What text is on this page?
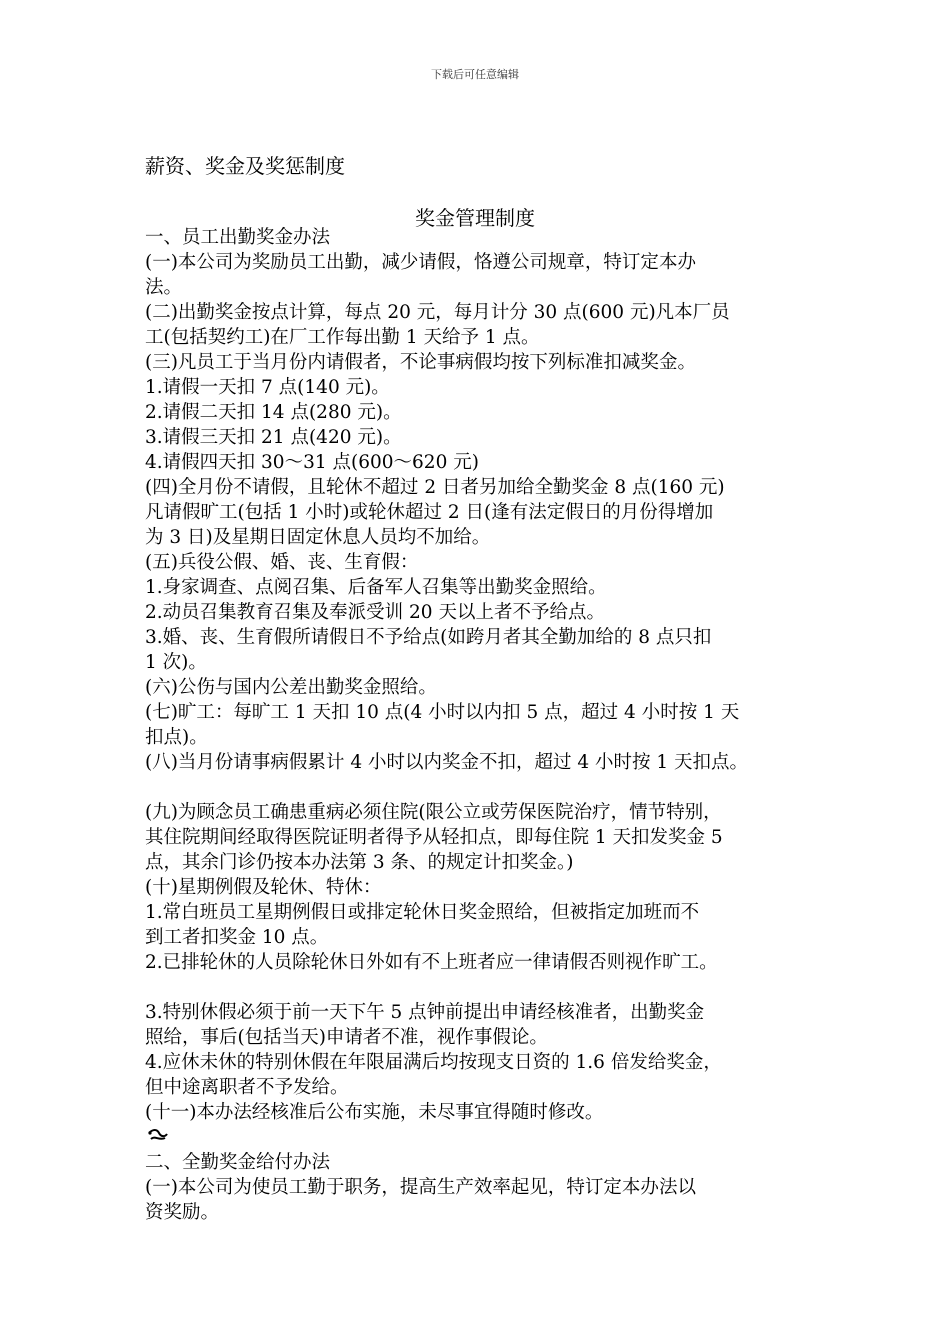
下载后可任意编辑
薪资、奖金及奖惩制度
奖金管理制度
一、员工出勤奖金办法
(一)本公司为奖励员工出勤，减少请假，恪遵公司规章，特订定本办
法。
(二)出勤奖金按点计算，每点 20 元，每月计分 30 点(600 元)凡本厂员
工(包括契约工)在厂工作每出勤 1 天给予 1 点。
(三)凡员工于当月份内请假者，不论事病假均按下列标准扣减奖金。
1.请假一天扣 7 点(140 元)。
2.请假二天扣 14 点(280 元)。
3.请假三天扣 21 点(420 元)。
4.请假四天扣 30～31 点(600～620 元)
(四)全月份不请假，且轮休不超过 2 日者另加给全勤奖金 8 点(160 元)
凡请假旷工(包括 1 小时)或轮休超过 2 日(逢有法定假日的月份得增加
为 3 日)及星期日固定休息人员均不加给。
(五)兵役公假、婚、丧、生育假：
1.身家调查、点阅召集、后备军人召集等出勤奖金照给。
2.动员召集教育召集及奉派受训 20 天以上者不予给点。
3.婚、丧、生育假所请假日不予给点(如跨月者其全勤加给的 8 点只扣
1 次)。
(六)公伤与国内公差出勤奖金照给。
(七)旷工：每旷工 1 天扣 10 点(4 小时以内扣 5 点，超过 4 小时按 1 天
扣点)。
(八)当月份请事病假累计 4 小时以内奖金不扣，超过 4 小时按 1 天扣点。
(九)为顾念员工确患重病必须住院(限公立或劳保医院治疗，情节特别，
其住院期间经取得医院证明者得予从轻扣点，即每住院 1 天扣发奖金 5
点，其余门诊仍按本办法第 3 条、的规定计扣奖金。)
(十)星期例假及轮休、特休：
1.常白班员工星期例假日或排定轮休日奖金照给，但被指定加班而不
到工者扣奖金 10 点。
2.已排轮休的人员除轮休日外如有不上班者应一律请假否则视作旷工。
3.特别休假必须于前一天下午 5 点钟前提出申请经核准者，出勤奖金
照给，事后(包括当天)申请者不准，视作事假论。
4.应休未休的特别休假在年限届满后均按现支日资的 1.6 倍发给奖金，
但中途离职者不予发给。
(十一)本办法经核准后公布实施，未尽事宜得随时修改。
二、全勤奖金给付办法
(一)本公司为使员工勤于职务，提高生产效率起见，特订定本办法以
资奖励。
